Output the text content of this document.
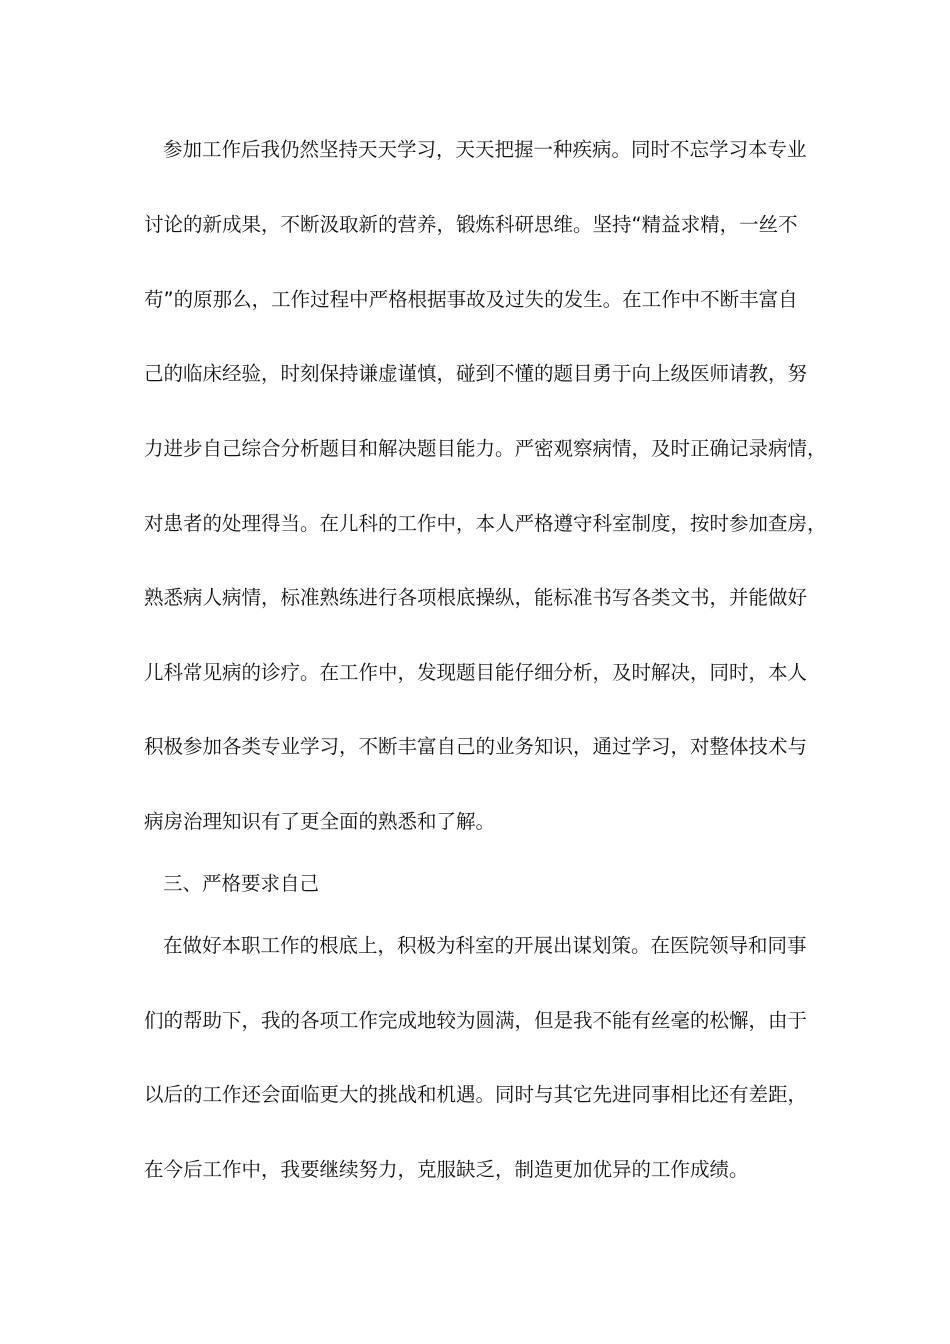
参加工作后我仍然坚持天天学习，天天把握一种疾病。同时不忘学习本专业
讨论的新成果，不断汲取新的营养，锻炼科研思维。坚持“精益求精，一丝不
苟”的原那么，工作过程中严格根据事故及过失的发生。在工作中不断丰富自
己的临床经验，时刻保持谦虚谨慎，碰到不懂的题目勇于向上级医师请教，努
力进步自己综合分析题目和解决题目能力。严密观察病情，及时正确记录病情，
对患者的处理得当。在儿科的工作中，本人严格遵守科室制度，按时参加查房，
熟悉病人病情，标准熟练进行各项根底操纵，能标准书写各类文书，并能做好
儿科常见病的诊疗。在工作中，发现题目能仔细分析，及时解决，同时，本人
积极参加各类专业学习，不断丰富自己的业务知识，通过学习，对整体技术与
病房治理知识有了更全面的熟悉和了解。
三、严格要求自己
在做好本职工作的根底上，积极为科室的开展出谋划策。在医院领导和同事
们的帮助下，我的各项工作完成地较为圆满，但是我不能有丝毫的松懈，由于
以后的工作还会面临更大的挑战和机遇。同时与其它先进同事相比还有差距，
在今后工作中，我要继续努力，克服缺乏，制造更加优异的工作成绩。
